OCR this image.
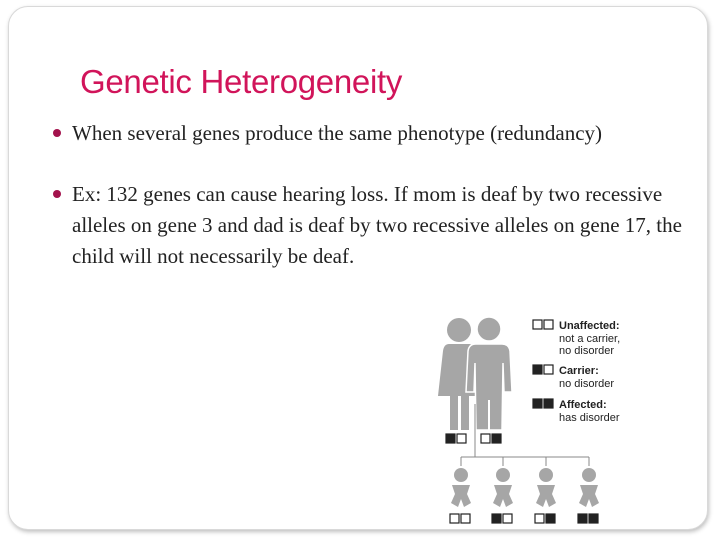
Genetic Heterogeneity
When several genes produce the same phenotype (redundancy)
Ex: 132 genes can cause hearing loss. If mom is deaf by two recessive alleles on gene 3 and dad is deaf by two recessive alleles on gene 17, the child will not necessarily be deaf.
Unaffected:
not a carrier,
no disorder
Carrier:
no disorder
Affected:
has disorder
